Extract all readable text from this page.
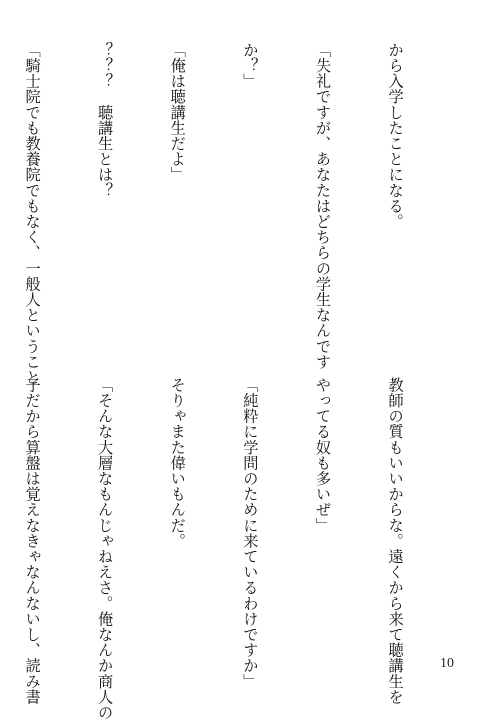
から入学したことになる。

「失礼ですが、あなたはどちらの学生なんです

か？」

「俺は聴講生だよ」

？？？　聴講生とは？

「騎士院でも教養院でもなく、一般人ということ

教師の質もいいからな。遠くから来て聴講生を

やってる奴も多いぜ」

「純粋に学問のために来ているわけですか」

そりゃまた偉いもんだ。

「そんな大層なもんじゃねえさ。俺なんか商人の

子だから算盤は覚えなきゃなんないし、読み書

	10
